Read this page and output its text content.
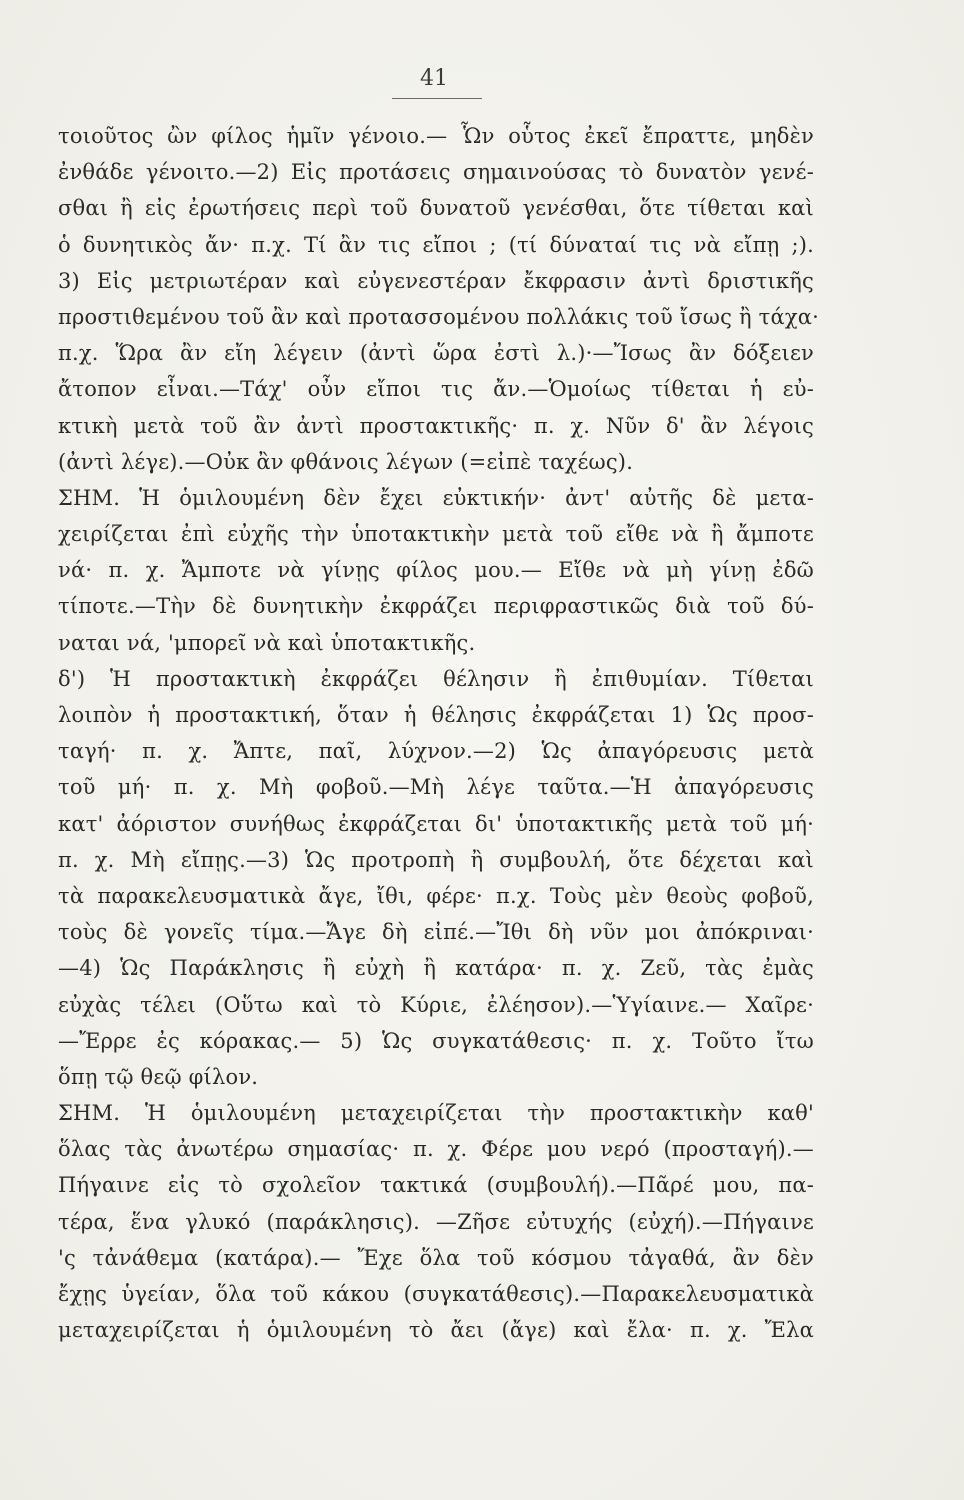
41
τοιοῦτος ὢν φίλος ἡμῖν γένοιο.— Ὧν οὗτος ἐκεῖ ἔπραττε, μηδὲν
ἐνθάδε γένοιτο.—2) Εἰς προτάσεις σημαινούσας τὸ δυνατὸν γενέ-
σθαι ἢ εἰς ἐρωτήσεις περὶ τοῦ δυνατοῦ γενέσθαι, ὅτε τίθεται καὶ
ὁ δυνητικὸς ἄν· π.χ. Τί ἂν τις εἴποι ; (τί δύναταί τις νὰ εἴπῃ ;).
3) Εἰς μετριωτέραν καὶ εὐγενεστέραν ἔκφρασιν ἀντὶ δριστικῆς
προστιθεμένου τοῦ ἂν καὶ προτασσομένου πολλάκις τοῦ ἴσως ἢ τάχα·
π.χ. Ὥρα ἂν εἴη λέγειν (ἀντὶ ὥρα ἐστὶ λ.)·—Ἴσως ἂν δόξειεν
ἄτοπον εἶναι.—Τάχ' οὖν εἴποι τις ἄν.—Ὁμοίως τίθεται ἡ εὐ-
κτικὴ μετὰ τοῦ ἂν ἀντὶ προστακτικῆς· π. χ. Νῦν δ' ἂν λέγοις
(ἀντὶ λέγε).—Οὐκ ἂν φθάνοις λέγων (=εἰπὲ ταχέως).
ΣΗΜ. Ἡ ὁμιλουμένη δὲν ἔχει εὐκτικήν· ἀντ' αὐτῆς δὲ μετα-
χειρίζεται ἐπὶ εὐχῆς τὴν ὑποτακτικὴν μετὰ τοῦ εἴθε νὰ ἢ ἄμποτε
νά· π. χ. Ἄμποτε νὰ γίνῃς φίλος μου.— Εἴθε νὰ μὴ γίνῃ ἐδῶ
τίποτε.—Τὴν δὲ δυνητικὴν ἐκφράζει περιφραστικῶς διὰ τοῦ δύ-
ναται νά, 'μπορεῖ νὰ καὶ ὑποτακτικῆς.
δ') Ἡ προστακτικὴ ἐκφράζει θέλησιν ἢ ἐπιθυμίαν. Τίθεται
λοιπὸν ἡ προστακτική, ὅταν ἡ θέλησις ἐκφράζεται 1) Ὡς προσ-
ταγή· π. χ. Ἄπτε, παῖ, λύχνον.—2) Ὡς ἀπαγόρευσις μετὰ
τοῦ μή· π. χ. Μὴ φοβοῦ.—Μὴ λέγε ταῦτα.—Ἡ ἀπαγόρευσις
κατ' ἀόριστον συνήθως ἐκφράζεται δι' ὑποτακτικῆς μετὰ τοῦ μή·
π. χ. Μὴ εἴπῃς.—3) Ὡς προτροπὴ ἢ συμβουλή, ὅτε δέχεται καὶ
τὰ παρακελευσματικὰ ἄγε, ἴθι, φέρε· π.χ. Τοὺς μὲν θεοὺς φοβοῦ,
τοὺς δὲ γονεῖς τίμα.—Ἄγε δὴ εἰπέ.—Ἴθι δὴ νῦν μοι ἀπόκριναι·
—4) Ὡς Παράκλησις ἢ εὐχὴ ἢ κατάρα· π. χ. Ζεῦ, τὰς ἐμὰς
εὐχὰς τέλει (Οὕτω καὶ τὸ Κύριε, ἐλέησον).—Ὑγίαινε.— Χαῖρε·
—Ἔρρε ἐς κόρακας.— 5) Ὡς συγκατάθεσις· π. χ. Τοῦτο ἴτω
ὅπῃ τῷ θεῷ φίλον.
ΣΗΜ. Ἡ ὁμιλουμένη μεταχειρίζεται τὴν προστακτικὴν καθ'
ὅλας τὰς ἀνωτέρω σημασίας· π. χ. Φέρε μου νερό (προσταγή).—
Πήγαινε εἰς τὸ σχολεῖον τακτικά (συμβουλή).—Πᾶρέ μου, πα-
τέρα, ἕνα γλυκό (παράκλησις). —Ζῆσε εὐτυχής (εὐχή).—Πήγαινε
'ς τἀνάθεμα (κατάρα).— Ἔχε ὅλα τοῦ κόσμου τἀγαθά, ἂν δὲν
ἔχῃς ὑγείαν, ὅλα τοῦ κάκου (συγκατάθεσις).—Παρακελευσματικὰ
μεταχειρίζεται ἡ ὁμιλουμένη τὸ ἄει (ἄγε) καὶ ἔλα· π. χ. Ἔλα
